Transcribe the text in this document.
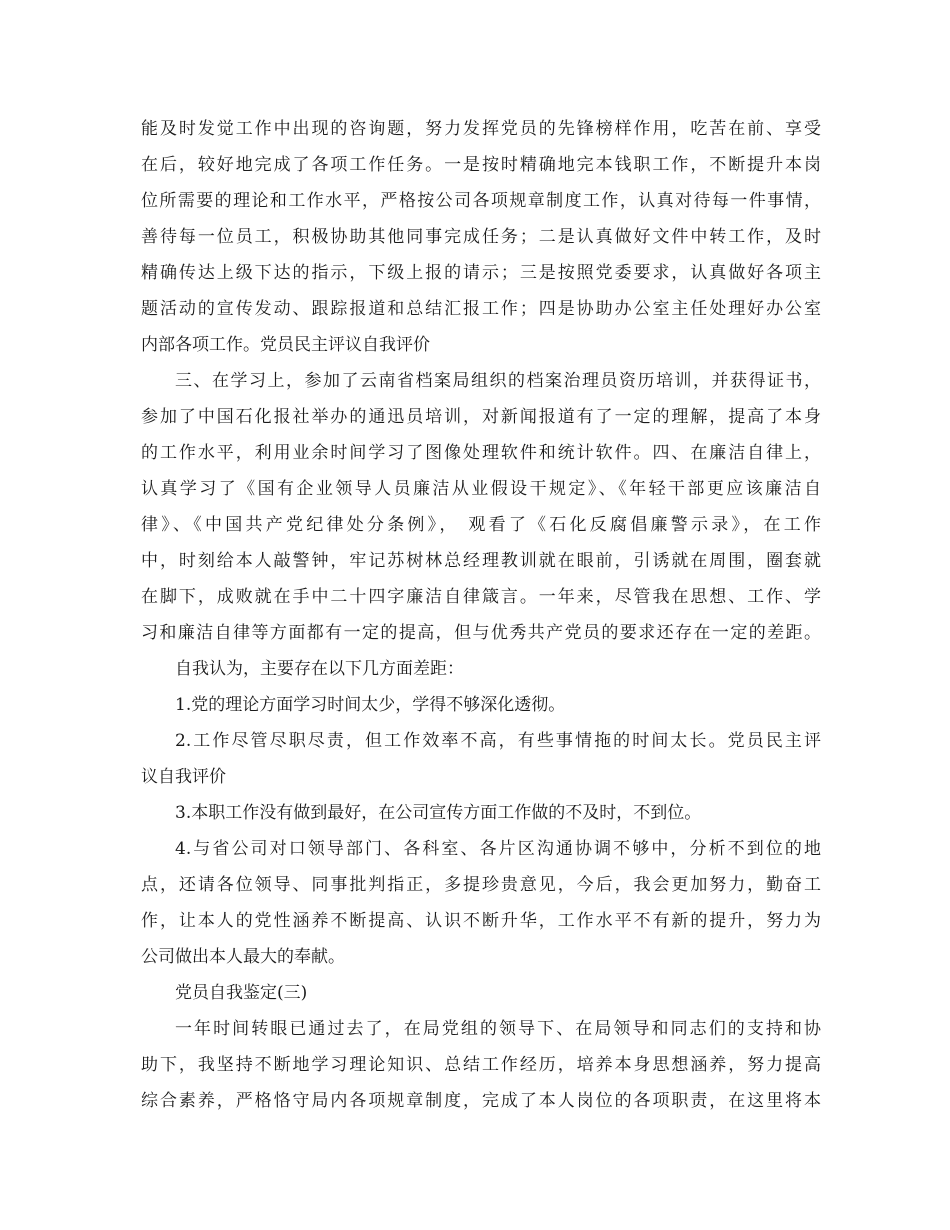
能及时发觉工作中出现的咨询题，努力发挥党员的先锋榜样作用，吃苦在前、享受
在后，较好地完成了各项工作任务。一是按时精确地完本钱职工作，不断提升本岗
位所需要的理论和工作水平，严格按公司各项规章制度工作，认真对待每一件事情，
善待每一位员工，积极协助其他同事完成任务；二是认真做好文件中转工作，及时
精确传达上级下达的指示，下级上报的请示；三是按照党委要求，认真做好各项主
题活动的宣传发动、跟踪报道和总结汇报工作；四是协助办公室主任处理好办公室
内部各项工作。党员民主评议自我评价
三、在学习上，参加了云南省档案局组织的档案治理员资历培训，并获得证书，
参加了中国石化报社举办的通迅员培训，对新闻报道有了一定的理解，提高了本身
的工作水平，利用业余时间学习了图像处理软件和统计软件。四、在廉洁自律上，
认真学习了《国有企业领导人员廉洁从业假设干规定》、《年轻干部更应该廉洁自
律》、《中国共产党纪律处分条例》， 观看了《石化反腐倡廉警示录》，在工作
中，时刻给本人敲警钟，牢记苏树林总经理教训就在眼前，引诱就在周围，圈套就
在脚下，成败就在手中二十四字廉洁自律箴言。一年来，尽管我在思想、工作、学
习和廉洁自律等方面都有一定的提高，但与优秀共产党员的要求还存在一定的差距。
自我认为，主要存在以下几方面差距：
1.党的理论方面学习时间太少，学得不够深化透彻。
2.工作尽管尽职尽责，但工作效率不高，有些事情拖的时间太长。党员民主评
议自我评价
3.本职工作没有做到最好，在公司宣传方面工作做的不及时，不到位。
4.与省公司对口领导部门、各科室、各片区沟通协调不够中，分析不到位的地
点，还请各位领导、同事批判指正，多提珍贵意见，今后，我会更加努力，勤奋工
作，让本人的党性涵养不断提高、认识不断升华，工作水平不有新的提升，努力为
公司做出本人最大的奉献。
党员自我鉴定(三)
一年时间转眼已通过去了，在局党组的领导下、在局领导和同志们的支持和协
助下，我坚持不断地学习理论知识、总结工作经历，培养本身思想涵养，努力提高
综合素养，严格恪守局内各项规章制度，完成了本人岗位的各项职责，在这里将本
